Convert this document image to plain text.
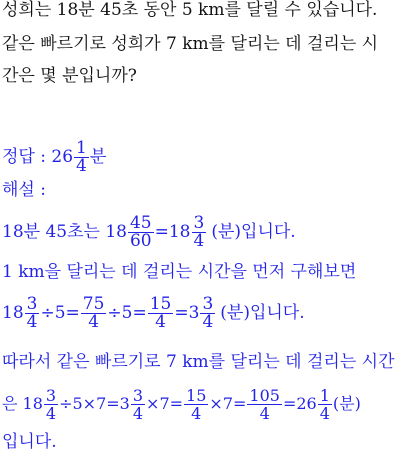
성희는 18분 45초 동안 5 km를 달릴 수 있습니다.
같은 빠르기로 성희가 7 km를 달리는 데 걸리는 시
간은 몇 분입니까?
정답 : $26 \frac{1}{4}$ 분
해설 :
18분 45초는 $18 \frac{45}{60} =18 \frac{3}{4}$ (분)입니다.
1 km을 달리는 데 걸리는 시간을 먼저 구해보면
$18 \frac{3}{4} \div 5= \frac{75}{4} \div 5= \frac{15}{4} =3 \frac{3}{4}$ (분)입니다.
따라서 같은 빠르기로 7 km를 달리는 데 걸리는 시간
은 $18 \frac{3}{4} \div 5\times 7=3 \frac{3}{4} \times 7= \frac{15}{4} \times 7= \frac{105}{4} =26 \frac{1}{4}$ (분)
입니다.
